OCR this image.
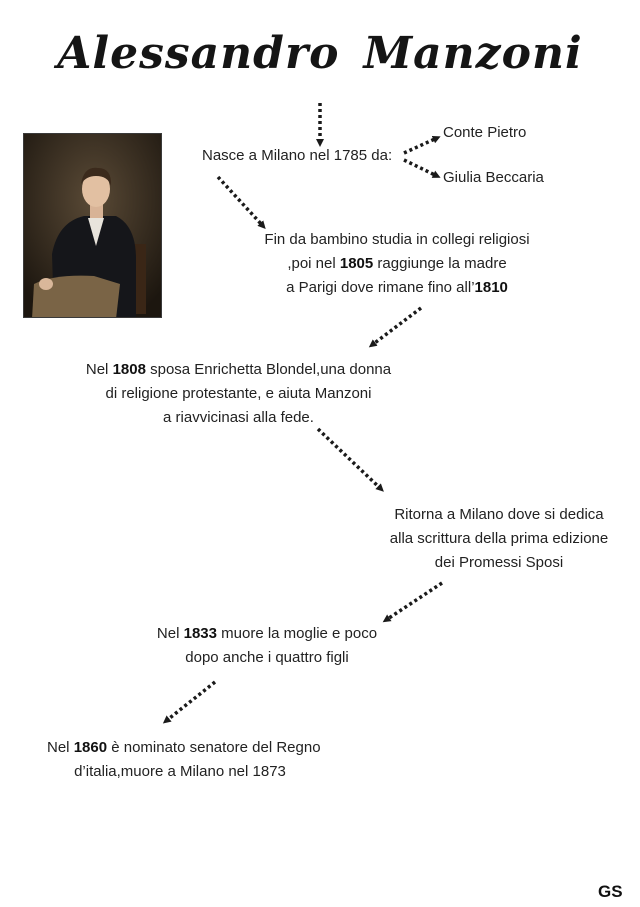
Alessandro Manzoni
Nasce a Milano nel 1785 da:
Conte Pietro
Giulia Beccaria
Fin da bambino studia in collegi religiosi
,poi nel 1805 raggiunge la madre
a Parigi dove rimane fino all’1810
Nel 1808 sposa Enrichetta Blondel,una donna
di religione protestante, e aiuta Manzoni
a riavvicinasi alla fede.
Ritorna a Milano dove si dedica
alla scrittura della prima edizione
dei Promessi Sposi
Nel 1833 muore la moglie e poco
dopo anche i quattro figli
Nel 1860 è nominato senatore del Regno
d’italia,muore a Milano nel 1873
GS
